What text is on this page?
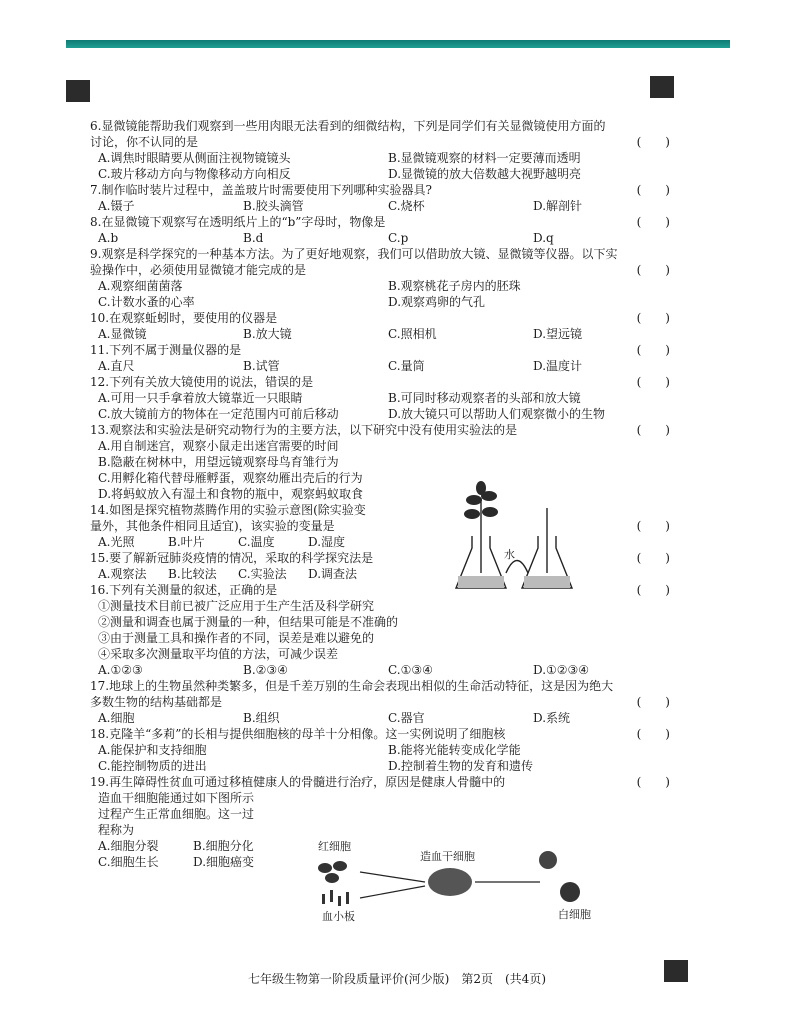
6.显微镜能帮助我们观察到一些用肉眼无法看到的细微结构，下列是同学们有关显微镜使用方面的
讨论，你不认同的是	(　　)
A.调焦时眼睛要从侧面注视物镜镜头	B.显微镜观察的材料一定要薄而透明
C.玻片移动方向与物像移动方向相反	D.显微镜的放大倍数越大视野越明亮
7.制作临时装片过程中，盖盖玻片时需要使用下列哪种实验器具?	(　　)
A.镊子	B.胶头滴管	C.烧杯	D.解剖针
8.在显微镜下观察写在透明纸片上的“b”字母时，物像是	(　　)
A.b	B.d	C.p	D.q
9.观察是科学探究的一种基本方法。为了更好地观察，我们可以借助放大镜、显微镜等仪器。以下实
验操作中，必须使用显微镜才能完成的是	(　　)
A.观察细菌菌落	B.观察桃花子房内的胚珠
C.计数水蚤的心率	D.观察鸡卵的气孔
10.在观察蚯蚓时，要使用的仪器是	(　　)
A.显微镜	B.放大镜	C.照相机	D.望远镜
11.下列不属于测量仪器的是	(　　)
A.直尺	B.试管	C.量筒	D.温度计
12.下列有关放大镜使用的说法，错误的是	(　　)
A.可用一只手拿着放大镜靠近一只眼睛	B.可同时移动观察者的头部和放大镜
C.放大镜前方的物体在一定范围内可前后移动	D.放大镜只可以帮助人们观察微小的生物
13.观察法和实验法是研究动物行为的主要方法，以下研究中没有使用实验法的是	(　　)
A.用自制迷宫，观察小鼠走出迷宫需要的时间
B.隐蔽在树林中，用望远镜观察母鸟育雏行为
C.用孵化箱代替母雁孵蛋，观察幼雁出壳后的行为
D.将蚂蚁放入有湿土和食物的瓶中，观察蚂蚁取食
14.如图是探究植物蒸腾作用的实验示意图(除实验变
量外，其他条件相同且适宜)，该实验的变量是	(　　)
A.光照	B.叶片	C.温度	D.湿度
15.要了解新冠肺炎疫情的情况，采取的科学探究法是	(　　)
A.观察法	B.比较法	C.实验法	D.调查法
16.下列有关测量的叙述，正确的是	(　　)
①测量技术目前已被广泛应用于生产生活及科学研究
②测量和调查也属于测量的一种，但结果可能是不准确的
③由于测量工具和操作者的不同，误差是难以避免的
④采取多次测量取平均值的方法，可减少误差
A.①②③	B.②③④	C.①③④	D.①②③④
17.地球上的生物虽然种类繁多，但是千差万别的生命会表现出相似的生命活动特征，这是因为绝大
多数生物的结构基础都是	(　　)
A.细胞	B.组织	C.器官	D.系统
18.克隆羊“多莉”的长相与提供细胞核的母羊十分相像。这一实例说明了细胞核	(　　)
A.能保护和支持细胞	B.能将光能转变成化学能
C.能控制物质的进出	D.控制着生物的发育和遗传
19.再生障碍性贫血可通过移植健康人的骨髓进行治疗，原因是健康人骨髓中的
造血干细胞能通过如下图所示
过程产生正常血细胞。这一过
程称为
(　　)
A.细胞分裂	B.细胞分化
C.细胞生长	D.细胞癌变
水
红细胞
造血干细胞
血小板	白细胞
七年级生物第一阶段质量评价(河少版)　第2页　(共4页)
